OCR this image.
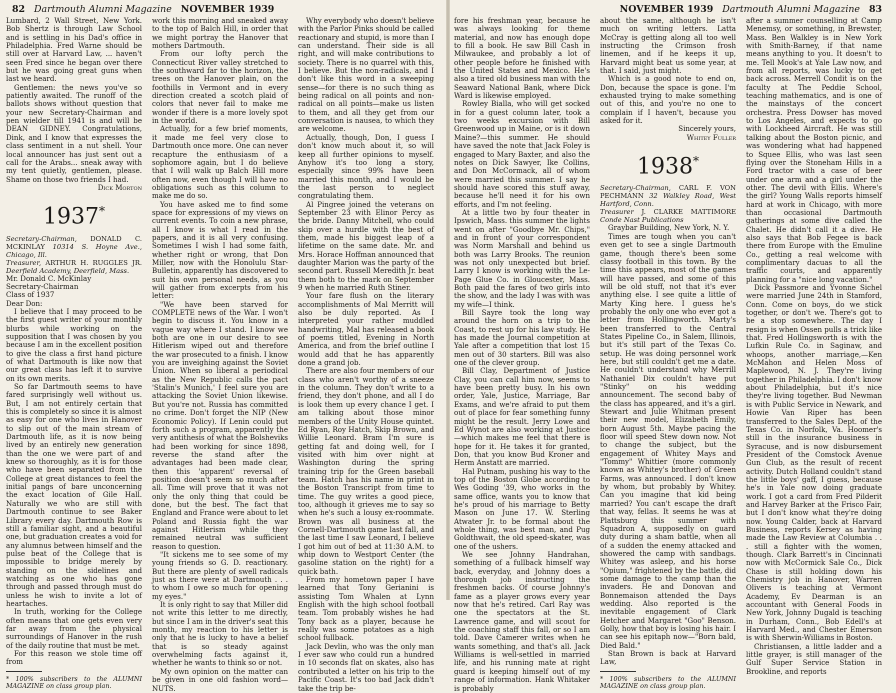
82 Dartmouth Alumni Magazine NOVEMBER 1939

Lumbard, 2 Wall Street, New York. Bob Shertz is through Law School and is settling in his Dad's office in Philadelphia. Fred Warne should be still over at Harvard Law, ... haven't seen Fred since he began over there but he was going great guns when last we heard.

Gentlemen: the news you've so patiently awaited. The runoff of the ballots shows without question that your new Secretary-Chairman and pen wielder till 1941 is and will be DEAN GIDNEY. Congratulations, Dink, and I know that expresses the class sentiment in a nut shell. Your local announcer has just sent out a call for the Arabs... sneak away with my tent quietly, gentlemen, please. Shame on those two friends I had.

Dick Morton

1937*

Secretary-Chairman, DONALD C. MCKINLAY 10314 S. Hoyne Ave., Chicago, Ill.

Treasurer, ARTHUR H. RUGGLES JR. Deerfield Academy, Deerfield, Mass.

Mr. Donald C. McKinlay

Secretary-Chairman

Class of 1937

Dear Don:

I believe that I may proceed to be the first guest writer of your monthly blurbs while working on the supposition that I was chosen by you because I am in the excellent position to give the class a first hand picture of what Dartmouth is like now that our great class has left it to survive on its own merits.

So far Dartmouth seems to have fared surprisingly well without us. But, I am not entirely certain that this is completely so since it is almost as easy for one who lives in Hanover to slip out of the main stream of Dartmouth life, as it is now being lived by an entirely new generation than the one we were part of and knew so thoroughly, as it is for those who have been separated from the College at great distances to feel the initial pangs of bare unconcerning the exact location of Gile Hall. Naturally we who are still with Dartmouth continue to see Baker Library every day. Dartmouth Row is still a familiar sight, and a beautiful one, but graduation creates a void for any alumnus between himself and the pulse beat of the College that is impossible to bridge merely by standing on the sidelines and watching as one who has gone through and passed through must do unless he wish to invite a lot of heartaches.

In truth, working for the College often means that one gets even very far away from the physical surroundings of Hanover in the rush of the daily routine that must be met.

For this reason we stole time off from

* 100% subscribers to the ALUMNI MAGAZINE on class group plan.

work this morning and sneaked away to the top of Balch Hill, in order that we might portray the Hanover that mothers Dartmouth.

From our lofty perch the Connecticut River valley stretched to the southward far to the horizon, the trees on the Hanover plain, on the foothills in Vermont and in every direction created a scotch plaid of colors that never fail to make me wonder if there is a more lovely spot in the world.

Actually, for a few brief moments, it made me feel very close to Dartmouth once more. One can never recapture the enthusiasm of a sophomore again, but I do believe that I will walk up Balch Hill more often now, even though I will have no obligations such as this column to make me do so.

You have asked me to find some space for expressions of my views on current events. To coin a new phrase, all I know is what I read in the papers, and it is all very confusing. Sometimes I wish I had some faith, whether right or wrong, that Don Miller, now with the Honolulu Star-Bulletin, apparently has discovered to suit his own personal needs, as you will gather from excerpts from his letter:

"We have been starved for COMPLETE news of the War. I won't begin to discuss it. You know in a vague way where I stand. I know we both are one in our desire to see Hitlerism wiped out and therefore the war prosecuted to a finish. I know you are inveighing against the Soviet Union. When so liberal a periodical as the New Republic calls the pact 'Stalin's Munich,' I feel sure you are attacking the Soviet Union likewise. But you're not. Russia has committed no crime. Don't forget the NIP (New Economic Policy). If Lenin could put forth such a program, apparently the very antithesis of what the Bolsheviks had been working for since 1898, reverse the stand after the advantages had been made clear, then this 'apparent' reversal of position doesn't seem so much after all. Time will prove that it was not only the only thing that could be done, but the best. The fact that England and France were about to let Poland and Russia fight the war against Hitlerism while they remained neutral was sufficient reason to question.

"It sickens me to see some of my young friends so G. D. reactionary. But there are plenty of swell radicals just as there were at Dartmouth . . . to whom I owe so much for opening my eyes."

It is only right to say that Miller did not write this letter to me directly, but since I am in the driver's seat this month, my reaction to his letter is only that he is lucky to have a belief that is so steady against overwhelming facts against it, whether he wants to think so or not.

My own opinion on the matter can be given in one old fashion word—NUTS.

Why everybody who doesn't believe with the Parlor Pinks should be called reactionary and stupid, is more than I can understand. Their side is all right, and will make contributions to society. There is no quarrel with this, I believe. But the non-radicals, and I don't like this word in a sweeping sense—for there is no such thing as being radical on all points and non-radical on all points—make us listen to them, and all they get from our conversation is nausea, to which they are welcome.

Actually, though, Don, I guess I don't know much about it, so will keep all further opinions to myself. Anyhow it's too long a story, especially since 99% have been married this month, and I would be the last person to neglect congratulating them.

Al Pingree joined the veterans on September 23 with Elinor Percy as the bride. Danny Mitchell, who could skip over a hurdle with the best of them, made his biggest leap of a lifetime on the same date. Mr. and Mrs. Horace Hoffman announced that daughter Marion was the party of the second part. Russell Meredith Jr. beat them both to the mark on September 9 when he married Ruth Stiner.

Your fare flush on the literary accomplishments of Mal Merritt will also be duly reported. As I interpreted your rather muddled handwriting, Mal has released a book of poems titled, Evening in North America, and from the brief outline I would add that he has apparently done a grand job.

There are also four members of our class who aren't worthy of a sneeze in the column. They don't write to a friend, they don't phone, and all I do is look them up every chance I get. I am talking about those minor members of the Unity House quintet. Ed Ryan, Roy Hatch, Skip Brown, and Willie Leonard. Bram I'm sure is getting fat and doing well, for I visited with him over night at Washington during the spring training trip for the Green baseball team. Hatch has his name in print in the Boston Transcript from time to time. The guy writes a good piece, too, although it grieves me to say so when he's such a lousy ex-roommate. Brown was all business at the Cornell-Dartmouth game last fall, and the last time I saw Leonard, I believe I got him out of bed at 11:30 A.M. to whip down to Westport Center (the gasoline station on the right) for a quick bath.

From my hometown paper I have learned that Tony Gerianini is assisting Tom Whalen at Lynn English with the high school football team. Tom probably wishes he had Tony back as a player, because he really was some potatoes as a high school fullback.

Jack Devlin, who was the only man I ever saw who could run a hundred in 10 seconds flat on skates, also has contributed a letter on his trip to the Pacific Coast. It's too bad Jack didn't take the trip be-

NOVEMBER 1939 Dartmouth Alumni Magazine 83

fore his freshman year, because he was always looking for theme material, and now has enough dope to fill a book. He saw Bill Cash in Milwaukee, and probably a lot of other people before he finished with the United States and Mexico. He's also a tired old business man with the Seaward National Bank, where Dick Ward is likewise employed.

Rowley Bialla, who will get socked in for a guest column later, took a two weeks excursion with Bill Greenwood up in Maine, or is it down Maine?—this summer. He should have saved the note that Jack Foley is engaged to Mary Baxter, and also the notes on Dick Sawyer, Ike Collins, and Don McCormack, all of whom were married this summer. I say he should have scored this stuff away, because he'll need it for his own efforts, and I'm not feeling.

At a little two by four theater in Ipswich, Mass. this summer the lights went on after "Goodbye Mr. Chips," and in front of your correspondent was Norm Marshall and behind us both was Larry Brooks. The reunion was not only unexpected but brief. Larry I know is working with the Le-Page Glue Co. in Gloucester, Mass. Both paid the fares of two girls into the show, and the lady I was with was my wife—I think.

Bill Sayre took the long way around the horn on a trip to the Coast, to rest up for his law study. He has made the Journal competition at Yale after a competition that lost 15 men out of 30 starters. Bill was also one of the clever group.

Bill Clay, Department of Justice Clay, you can call him now, seems to have been pretty busy. In his own order, Yale, Justice, Marriage, Bar Exams, and we're afraid to put them out of place for fear something funny might be the result. Jerry Lowe and Ed Wynot are also working at Justice—which makes me feel that there is hope for it. He takes it for granted, Don, that you know Bud Kroner and Herm Anstatt are married.

Hal Putnam, pushing his way to the top of the Boston Globe according to Wes Goding '39, who works in the same office, wants you to know that he's proud of his marriage to Betty Mason on June 17. W. Sterling Atwater Jr. to be formal about the whole thing, was best man, and Pug Goldthwait, the old speed-skater, was one of the ushers.

We see Johnny Handrahan, something of a fullback himself way back, everyday, and Johnny does a thorough job instructing the freshmen backs. Of course Johnny's fame as a player grows every year now that he's retired. Carl Ray was one the spectators at the St. Lawrence game, and will scout for the coaching staff this fall, or so I am told. Dave Camerer writes when he wants something, and that's all. Jack Williams is well-settled in married life, and his running mate at right guard is keeping himself out of my range of information. Hank Whitaker is probably

about the same, although he isn't much on writing letters. Latta McCray is getting along all too well instructing the Crimson frosh linemen, and if he keeps it up, Harvard might beat us some year, at that. I said, just might.

Which is a good note to end on, Don, because the space is gone. I'm exhausted trying to make something out of this, and you're no one to complain if I haven't, because you asked for it.

Sincerely yours,

Whitey Fuller

1938*

Secretary-Chairman, CARL F. VON PECHMANN 32 Walkley Road, West Hartford, Conn.

Treasurer J. CLARKE MATTIMORE Conde Nast Publications

Graybar Building, New York, N. Y.

Times are tough when you can't even get to see a single Dartmouth game, though there's been some classy football in this town. By the time this appears, most of the games will have passed, and some of this will be old stuff, not that it's ever anything else. I see quite a little of Marty King here. I guess he's probably the only one who ever got a letter from Hollingworth. Marty's been transferred to the Central States Pipeline Co., in Salem, Illinois, but it's still part of the Texas Co. setup. He was doing personnel work here, but still couldn't get me a date. He couldn't understand why Merrill Nathaniel Dix couldn't have put "Stinky" on his wedding announcement. The second baby of the class has appeared, and it's a girl. Stewart and Julie Whitman present their new model, Elizabeth Emily, born August 5th. Maybe pacing the floor will speed Stew down now. Not to change the subject, but the engagement of Whitey Mays and "Tommy" Whittier (more commonly known as Whitey's brother) of Green Farms, was announced. I don't know by whom, but probably by Whitey. Can you imagine that kid being married? You can't escape the draft that way, fellas. It seems he was at Plattsburg this summer with Squadron A, supposedly on guard duty during a sham battle, when all of a sudden the enemy attacked and showered the camp with sandbags. Whitey was asleep, and his horse "Opium," frightened by the battle, did some damage to the camp than the invaders. He and Donovan and Bonnemaison attended the Days wedding. Also reported is the inevitable engagement of Clark Hetcher and Margaret "Goo" Benson. Golly, how that boy is losing his hair. I can see his epitaph now—"Born bald, Died Bald."

Stan Brown is back at Harvard Law,

* 100% subscribers to the ALUMNI MAGAZINE on class group plan.

after a summer counselling at Camp Menemsy, or something, in Brewster, Mass. Ben Walkley is in New York with Smith-Barney, if that name means anything to you. It doesn't to me. Tell Mook's at Yale Law now, and from all reports, was lucky to get back across. Merrell Condit is on the faculty at The Peddie School, teaching mathematics, and is one of the mainstays of the concert orchestra. Press Dowser has moved to Los Angeles, and expects to go with Lockheed Aircraft. He was still talking about the Boston picnic, and was wondering what had happened to Squee Ellis, who was last seen flying over the Stoneham Hills in a Ford tractor with a case of beer under one arm and a girl under the other. The devil with Ellis. Where's the girl? Young Walls reports himself hard at work in Chicago, with more than occasional Dartmouth gatherings at some dive called the Chalet. He didn't call it a dive. He also says that Bob Fegee is back there from Europe with the Emuline Co., getting a real welcome with complimentary dacuas to all the traffic courts, and apparently planning for a "nice long vacation."

Dick Passmore and Yvonne Sichel were married June 24th in Stamford, Conn. Come on boys, do we stick together, or don't we. There's got to be a stop somewhere. The day I resign is when Ossen pulls a trick like that. Fred Hollingsworth is with the Lufkin Rule Co. in Saginaw, and whoops, another marriage,—Ken McMahon and Helen Moss of Maplewood, N. J. They're living together in Philadelphia. I don't know about Philadelphia, but it's nice they're living together. Bud Newman is with Public Service in Newark, and Howie Van Riper has been transferred to the Sales Dept. of the Texas Co. in Norfolk, Va. Hoomer's still in the insurance business in Syracuse, and is now disbursement President of the Comstock Avenue Gun Club, as the result of recent activity. Dutch Holland couldn't stand the little boys' gaff, I guess, because he's in Yale now doing graduate work. I got a card from Fred Pilderit and Harvey Barker at the Frisco Fair, but I don't know what they're doing now. Young Calder, back at Harvard Business, reports Kersey as having made the Law Review at Columbia . . . still a fighter with the women, though. Clark Barrett's in Cincinnati now with McCormick Sale Co., Dick Chase is still holding down his Chemistry job in Hanover, Warren Olivers is teaching at Vermont Academy, Ev Dearman is an accountant with General Foods in New York, Johnny Dugald is teaching in Durham, Conn., Bob Edell's at Harvard Med., and Chester Emerson is with Sherwin-Williams in Boston.

Christiansen, a little ladder and a little grayer, is still manager of the Gulf Super Service Station in Brookline, and reports
